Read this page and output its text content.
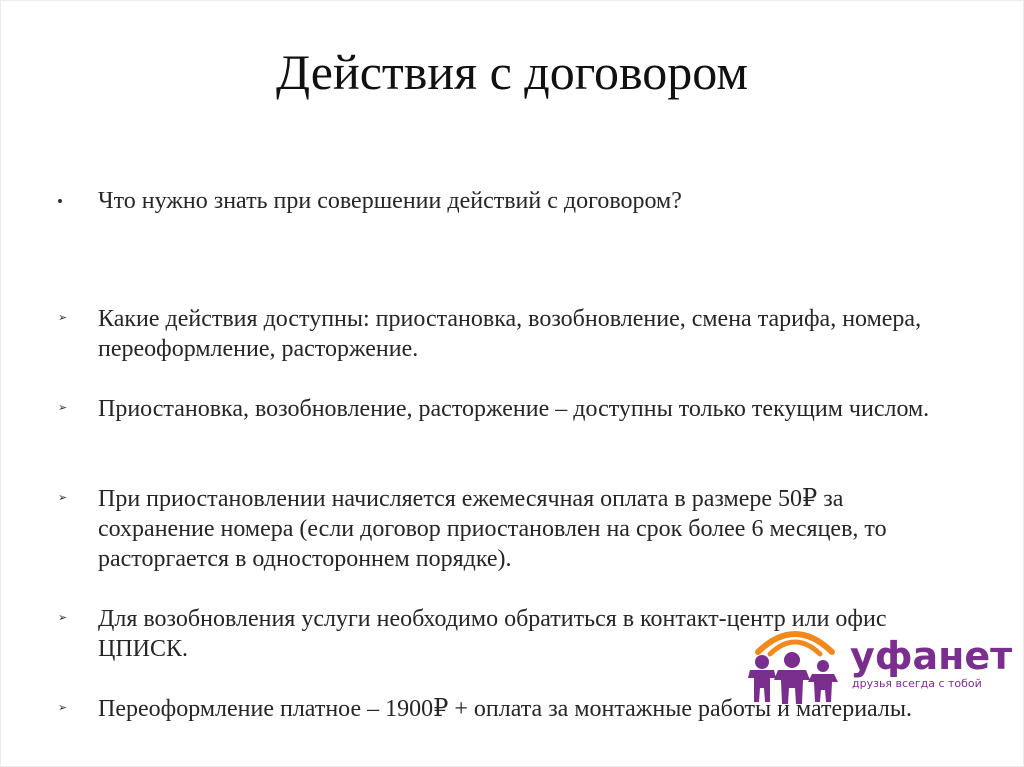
Действия с договором
Что нужно знать при совершении действий с договором?
➢ Какие действия доступны: приостановка, возобновление, смена тарифа, номера, переоформление, расторжение.
➢ Приостановка, возобновление, расторжение – доступны только текущим числом.
➢ При приостановлении начисляется ежемесячная оплата в размере 50₽ за сохранение номера (если договор приостановлен на срок более 6 месяцев, то расторгается в одностороннем порядке).
➢ Для возобновления услуги необходимо обратиться в контакт-центр или офис ЦПИСК.
➢ Переоформление платное – 1900₽ + оплата за монтажные работы и материалы.
уфанет
друзья всегда с тобой
